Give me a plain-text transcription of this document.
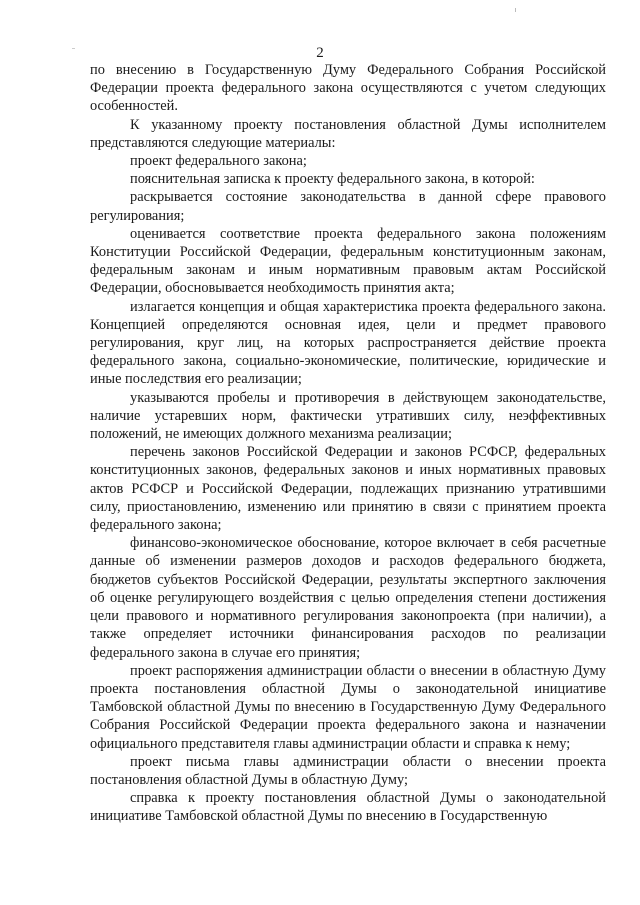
2

по внесению в Государственную Думу Федерального Собрания Российской Федерации проекта федерального закона осуществляются с учетом следующих особенностей.

К указанному проекту постановления областной Думы исполнителем представляются следующие материалы:

проект федерального закона;

пояснительная записка к проекту федерального закона, в которой:

раскрывается состояние законодательства в данной сфере правового регулирования;

оценивается соответствие проекта федерального закона положениям Конституции Российской Федерации, федеральным конституционным законам, федеральным законам и иным нормативным правовым актам Российской Федерации, обосновывается необходимость принятия акта;

излагается концепция и общая характеристика проекта федерального закона. Концепцией определяются основная идея, цели и предмет правового регулирования, круг лиц, на которых распространяется действие проекта федерального закона, социально-экономические, политические, юридические и иные последствия его реализации;

указываются пробелы и противоречия в действующем законодательстве, наличие устаревших норм, фактически утративших силу, неэффективных положений, не имеющих должного механизма реализации;

перечень законов Российской Федерации и законов РСФСР, федеральных конституционных законов, федеральных законов и иных нормативных правовых актов РСФСР и Российской Федерации, подлежащих признанию утратившими силу, приостановлению, изменению или принятию в связи с принятием проекта федерального закона;

финансово-экономическое обоснование, которое включает в себя расчетные данные об изменении размеров доходов и расходов федерального бюджета, бюджетов субъектов Российской Федерации, результаты экспертного заключения об оценке регулирующего воздействия с целью определения степени достижения цели правового и нормативного регулирования законопроекта (при наличии), а также определяет источники финансирования расходов по реализации федерального закона в случае его принятия;

проект распоряжения администрации области о внесении в областную Думу проекта постановления областной Думы о законодательной инициативе Тамбовской областной Думы по внесению в Государственную Думу Федерального Собрания Российской Федерации проекта федерального закона и назначении официального представителя главы администрации области и справка к нему;

проект письма главы администрации области о внесении проекта постановления областной Думы в областную Думу;

справка к проекту постановления областной Думы о законодательной инициативе Тамбовской областной Думы по внесению в Государственную
